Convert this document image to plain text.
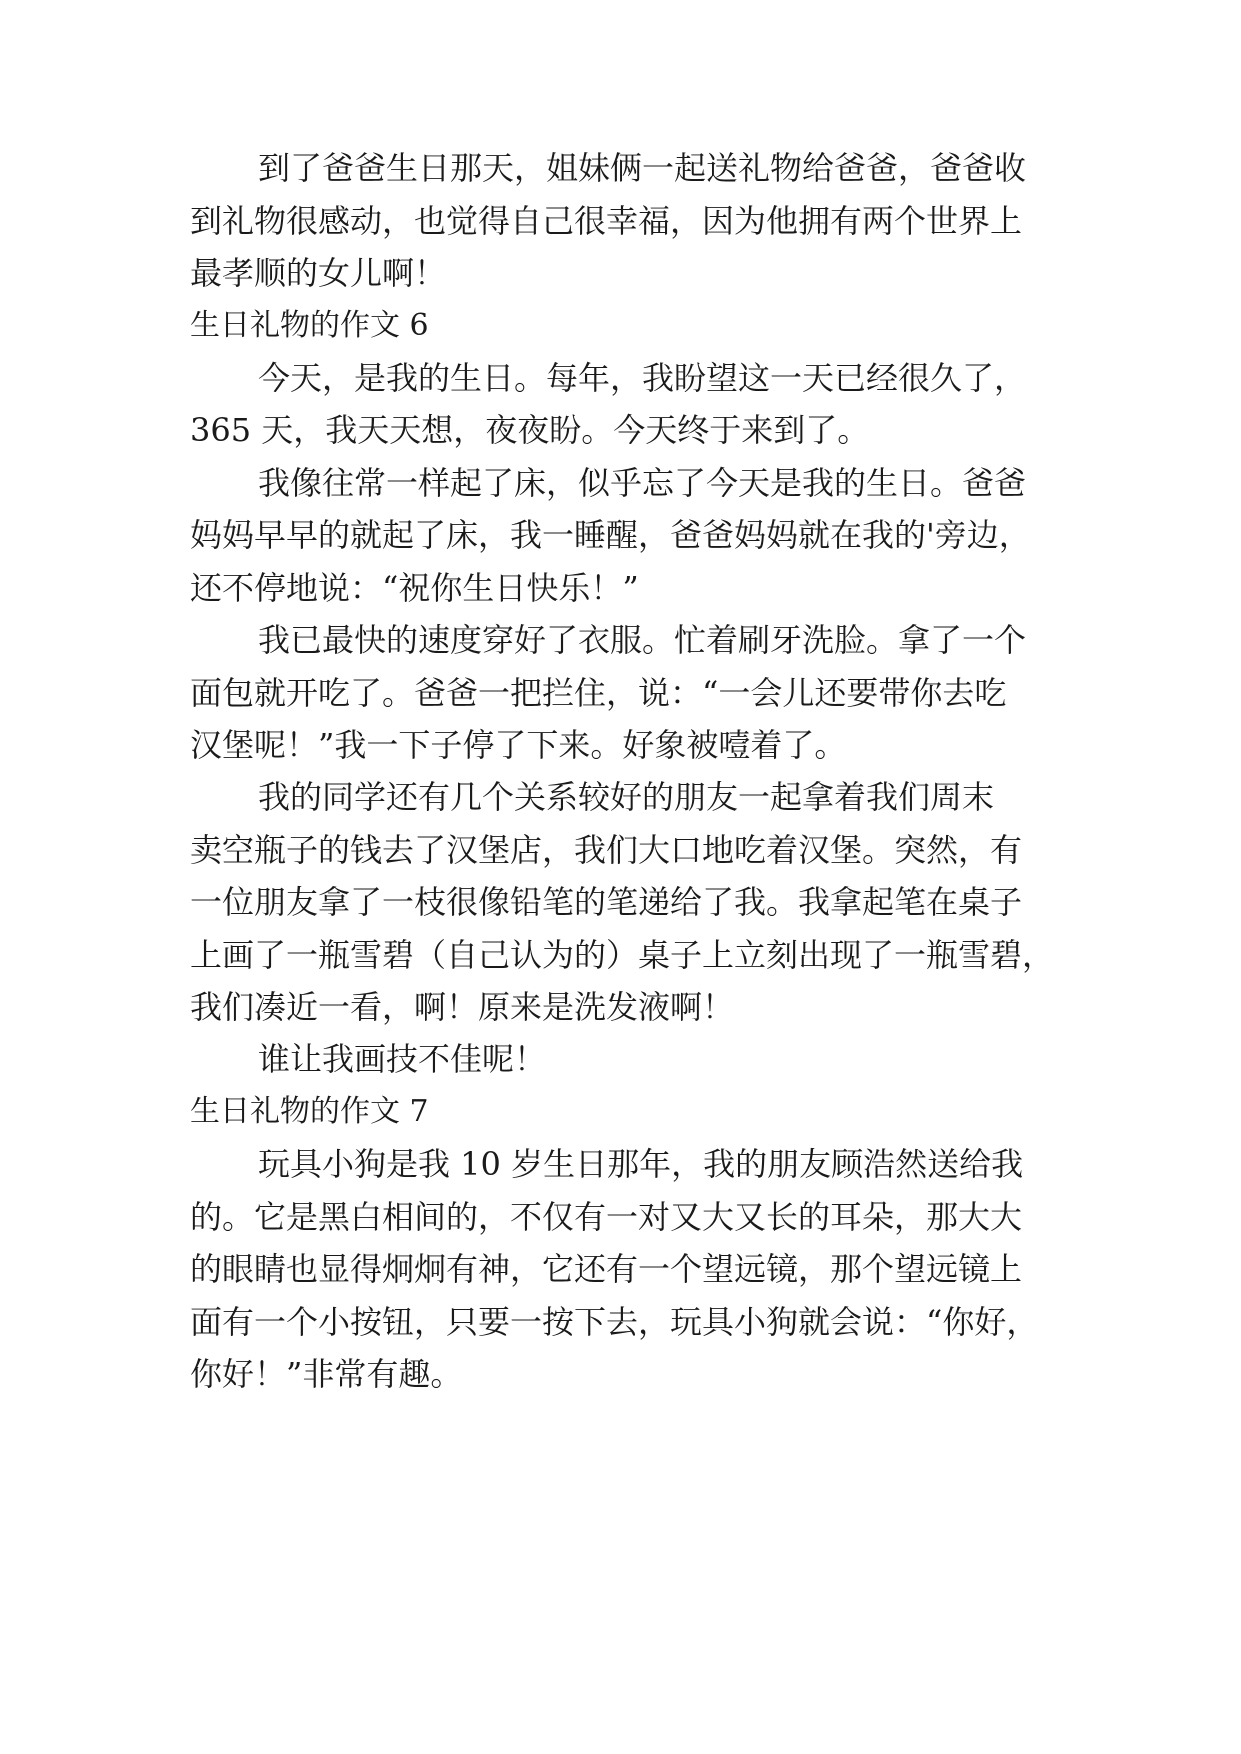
到了爸爸生日那天，姐妹俩一起送礼物给爸爸，爸爸收
到礼物很感动，也觉得自己很幸福，因为他拥有两个世界上
最孝顺的女儿啊！
生日礼物的作文 6
今天，是我的生日。每年，我盼望这一天已经很久了，
365 天，我天天想，夜夜盼。今天终于来到了。
我像往常一样起了床，似乎忘了今天是我的生日。爸爸
妈妈早早的就起了床，我一睡醒，爸爸妈妈就在我的'旁边，
还不停地说：“祝你生日快乐！”
我已最快的速度穿好了衣服。忙着刷牙洗脸。拿了一个
面包就开吃了。爸爸一把拦住，说：“一会儿还要带你去吃
汉堡呢！”我一下子停了下来。好象被噎着了。
我的同学还有几个关系较好的朋友一起拿着我们周末
卖空瓶子的钱去了汉堡店，我们大口地吃着汉堡。突然，有
一位朋友拿了一枝很像铅笔的笔递给了我。我拿起笔在桌子
上画了一瓶雪碧（自己认为的）桌子上立刻出现了一瓶雪碧，
我们凑近一看，啊！原来是洗发液啊！
谁让我画技不佳呢！
生日礼物的作文 7
玩具小狗是我 10 岁生日那年，我的朋友顾浩然送给我
的。它是黑白相间的，不仅有一对又大又长的耳朵，那大大
的眼睛也显得炯炯有神，它还有一个望远镜，那个望远镜上
面有一个小按钮，只要一按下去，玩具小狗就会说：“你好，
你好！”非常有趣。
